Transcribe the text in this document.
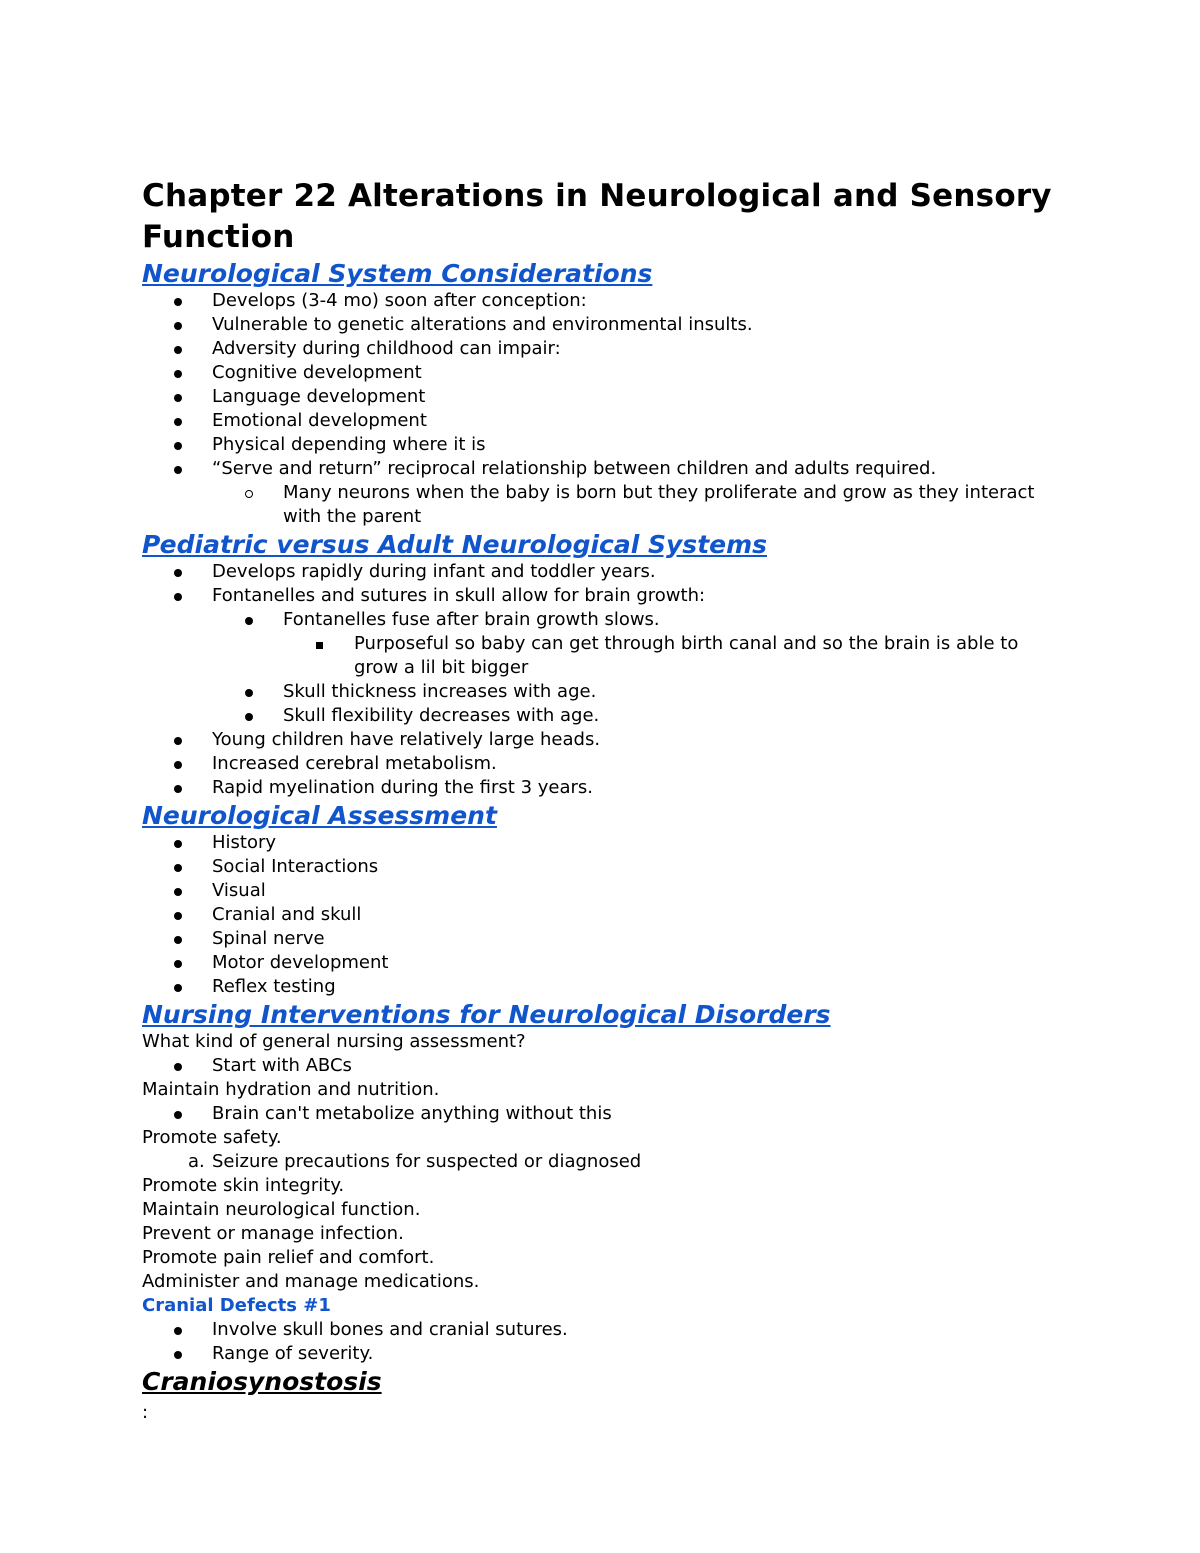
Chapter 22 Alterations in Neurological and Sensory Function
Neurological System Considerations
Develops (3-4 mo) soon after conception:
Vulnerable to genetic alterations and environmental insults.
Adversity during childhood can impair:
Cognitive development
Language development
Emotional development
Physical depending where it is
“Serve and return” reciprocal relationship between children and adults required.
Many neurons when the baby is born but they proliferate and grow as they interact with the parent
Pediatric versus Adult Neurological Systems
Develops rapidly during infant and toddler years.
Fontanelles and sutures in skull allow for brain growth:
Fontanelles fuse after brain growth slows.
Purposeful so baby can get through birth canal and so the brain is able to grow a lil bit bigger
Skull thickness increases with age.
Skull flexibility decreases with age.
Young children have relatively large heads.
Increased cerebral metabolism.
Rapid myelination during the first 3 years.
Neurological Assessment
History
Social Interactions
Visual
Cranial and skull
Spinal nerve
Motor development
Reflex testing
Nursing Interventions for Neurological Disorders

What kind of general nursing assessment?

Start with ABCs

Maintain hydration and nutrition.

Brain can't metabolize anything without this

Promote safety.

a. Seizure precautions for suspected or diagnosed

Promote skin integrity.

Maintain neurological function.

Prevent or manage infection.

Promote pain relief and comfort.

Administer and manage medications.

Cranial Defects #1
Involve skull bones and cranial sutures.
Range of severity.
Craniosynostosis
:
